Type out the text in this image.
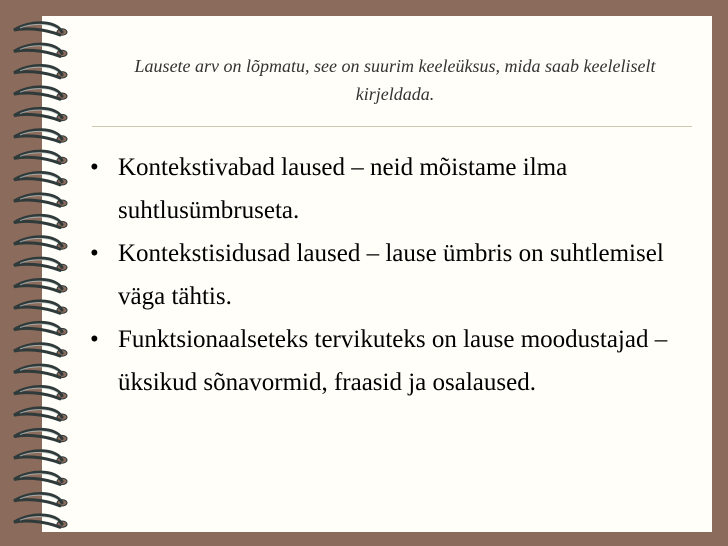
Lausete arv on lõpmatu, see on suurim keeleüksus, mida saab keeleliselt kirjeldada.

• Kontekstivabad laused – neid mõistame ilma suhtlusümbruseta.
• Kontekstisidusad laused – lause ümbris on suhtlemisel väga tähtis.
• Funktsionaalseteks tervikuteks on lause moodustajad – üksikud sõnavormid, fraasid ja osalaused.
